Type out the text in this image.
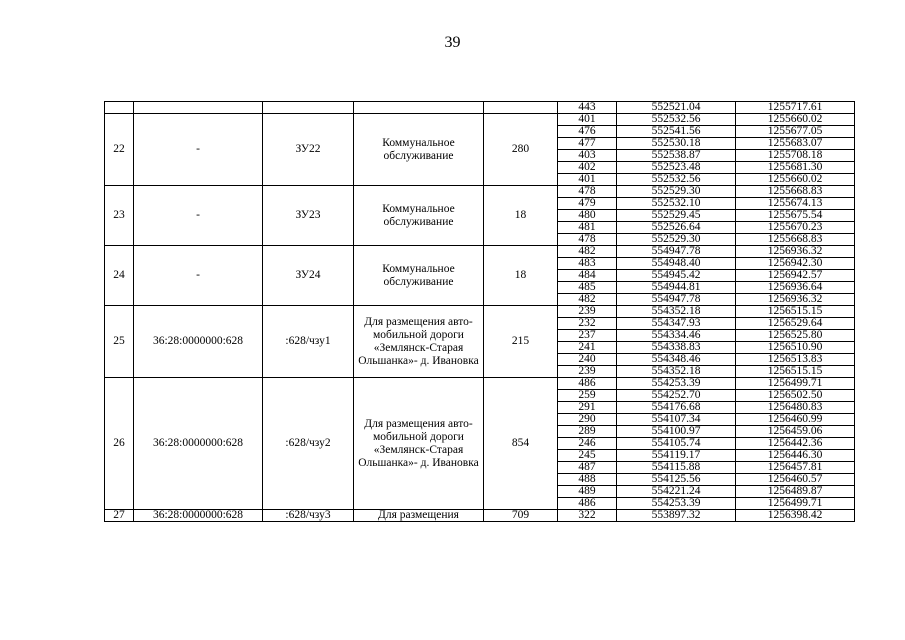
39
					443	552521.04	1255717.61
22	-	ЗУ22	Коммунальное обслуживание	280	401	552532.56	1255660.02
					476	552541.56	1255677.05
					477	552530.18	1255683.07
					403	552538.87	1255708.18
					402	552523.48	1255681.30
					401	552532.56	1255660.02
23	-	ЗУ23	Коммунальное обслуживание	18	478	552529.30	1255668.83
					479	552532.10	1255674.13
					480	552529.45	1255675.54
					481	552526.64	1255670.23
					478	552529.30	1255668.83
24	-	ЗУ24	Коммунальное обслуживание	18	482	554947.78	1256936.32
					483	554948.40	1256942.30
					484	554945.42	1256942.57
					485	554944.81	1256936.64
					482	554947.78	1256936.32
25	36:28:0000000:628	:628/чзу1	Для размещения авто-мобильной дороги «Землянск-Старая Ольшанка»- д. Ивановка	215	239	554352.18	1256515.15
					232	554347.93	1256529.64
					237	554334.46	1256525.80
					241	554338.83	1256510.90
					240	554348.46	1256513.83
					239	554352.18	1256515.15
26	36:28:0000000:628	:628/чзу2	Для размещения авто-мобильной дороги «Землянск-Старая Ольшанка»- д. Ивановка	854	486	554253.39	1256499.71
					259	554252.70	1256502.50
					291	554176.68	1256480.83
					290	554107.34	1256460.99
					289	554100.97	1256459.06
					246	554105.74	1256442.36
					245	554119.17	1256446.30
					487	554115.88	1256457.81
					488	554125.56	1256460.57
					489	554221.24	1256489.87
					486	554253.39	1256499.71
27	36:28:0000000:628	:628/чзу3	Для размещения	709	322	553897.32	1256398.42
